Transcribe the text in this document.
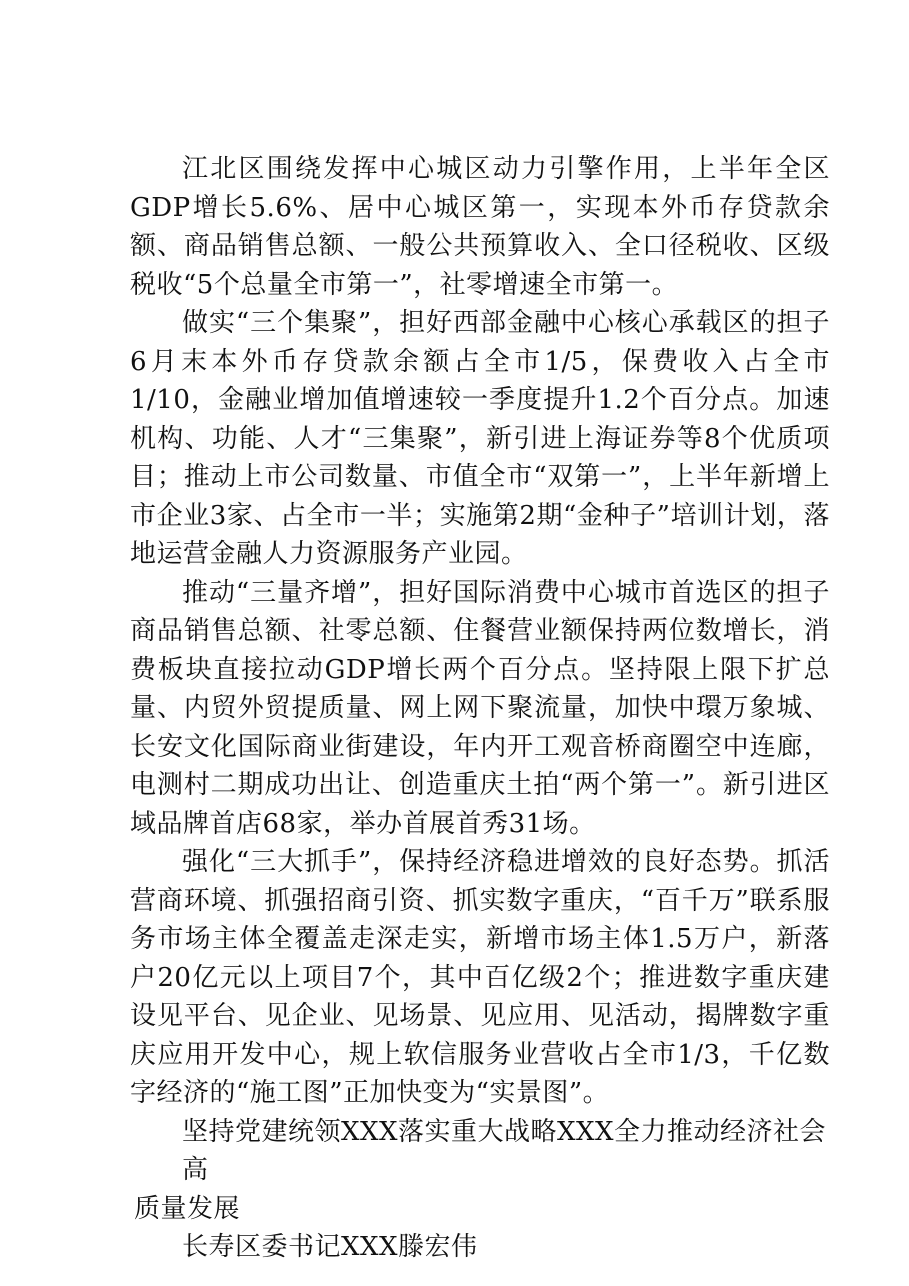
江北区围绕发挥中心城区动力引擎作用，上半年全区GDP增长5.6%、居中心城区第一，实现本外币存贷款余额、商品销售总额、一般公共预算收入、全口径税收、区级税收“5个总量全市第一”，社零增速全市第一。

做实“三个集聚”，担好西部金融中心核心承载区的担子6月末本外币存贷款余额占全市1/5，保费收入占全市1/10，金融业增加值增速较一季度提升1.2个百分点。加速机构、功能、人才“三集聚”，新引进上海证券等8个优质项目；推动上市公司数量、市值全市“双第一”，上半年新增上市企业3家、占全市一半；实施第2期“金种子”培训计划，落地运营金融人力资源服务产业园。

推动“三量齐增”，担好国际消费中心城市首选区的担子商品销售总额、社零总额、住餐营业额保持两位数增长，消费板块直接拉动GDP增长两个百分点。坚持限上限下扩总量、内贸外贸提质量、网上网下聚流量，加快中環万象城、长安文化国际商业街建设，年内开工观音桥商圈空中连廊，电测村二期成功出让、创造重庆土拍“两个第一”。新引进区域品牌首店68家，举办首展首秀31场。

强化“三大抓手”，保持经济稳进增效的良好态势。抓活营商环境、抓强招商引资、抓实数字重庆，“百千万”联系服务市场主体全覆盖走深走实，新增市场主体1.5万户，新落户20亿元以上项目7个，其中百亿级2个；推进数字重庆建设见平台、见企业、见场景、见应用、见活动，揭牌数字重庆应用开发中心，规上软信服务业营收占全市1/3，千亿数字经济的“施工图”正加快变为“实景图”。

坚持党建统领XXX落实重大战略XXX全力推动经济社会高
质量发展

长寿区委书记XXX滕宏伟
